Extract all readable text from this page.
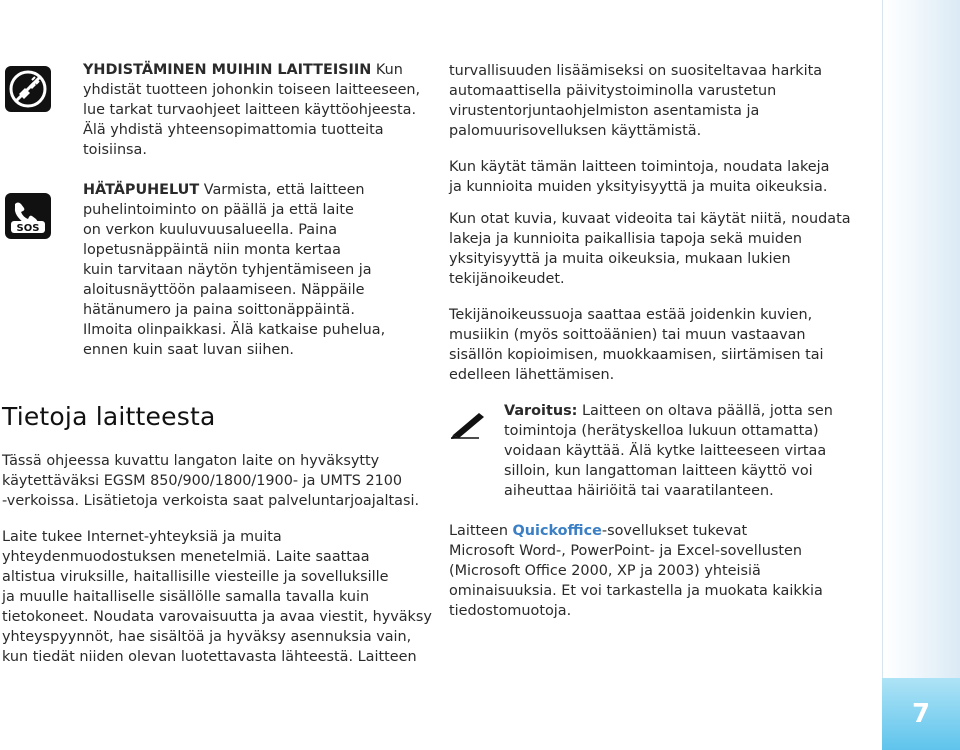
7
SOS
YHDISTÄMINEN MUIHIN LAITTEISIIN Kun
yhdistät tuotteen johonkin toiseen laitteeseen,
lue tarkat turvaohjeet laitteen käyttöohjeesta.
Älä yhdistä yhteensopimattomia tuotteita
toisiinsa.
HÄTÄPUHELUT Varmista, että laitteen
puhelintoiminto on päällä ja että laite
on verkon kuuluvuusalueella. Paina
lopetusnäppäintä niin monta kertaa
kuin tarvitaan näytön tyhjentämiseen ja
aloitusnäyttöön palaamiseen. Näppäile
hätänumero ja paina soittonäppäintä.
Ilmoita olinpaikkasi. Älä katkaise puhelua,
ennen kuin saat luvan siihen.
Tietoja laitteesta
Tässä ohjeessa kuvattu langaton laite on hyväksytty
käytettäväksi EGSM 850/900/1800/1900- ja UMTS 2100
-verkoissa. Lisätietoja verkoista saat palveluntarjoajaltasi.
Laite tukee Internet-yhteyksiä ja muita
yhteydenmuodostuksen menetelmiä. Laite saattaa
altistua viruksille, haitallisille viesteille ja sovelluksille
ja muulle haitalliselle sisällölle samalla tavalla kuin
tietokoneet. Noudata varovaisuutta ja avaa viestit, hyväksy
yhteyspyynnöt, hae sisältöä ja hyväksy asennuksia vain,
kun tiedät niiden olevan luotettavasta lähteestä. Laitteen
turvallisuuden lisäämiseksi on suositeltavaa harkita
automaattisella päivitystoiminolla varustetun
virustentorjuntaohjelmiston asentamista ja
palomuurisovelluksen käyttämistä.
Kun käytät tämän laitteen toimintoja, noudata lakeja
ja kunnioita muiden yksityisyyttä ja muita oikeuksia.
Kun otat kuvia, kuvaat videoita tai käytät niitä, noudata
lakeja ja kunnioita paikallisia tapoja sekä muiden
yksityisyyttä ja muita oikeuksia, mukaan lukien
tekijänoikeudet.
Tekijänoikeussuoja saattaa estää joidenkin kuvien,
musiikin (myös soittoäänien) tai muun vastaavan
sisällön kopioimisen, muokkaamisen, siirtämisen tai
edelleen lähettämisen.
Varoitus: Laitteen on oltava päällä, jotta sen
toimintoja (herätyskelloa lukuun ottamatta)
voidaan käyttää. Älä kytke laitteeseen virtaa
silloin, kun langattoman laitteen käyttö voi
aiheuttaa häiriöitä tai vaaratilanteen.
Laitteen Quickoffice-sovellukset tukevat
Microsoft Word-, PowerPoint- ja Excel-sovellusten
(Microsoft Office 2000, XP ja 2003) yhteisiä
ominaisuuksia. Et voi tarkastella ja muokata kaikkia
tiedostomuotoja.
